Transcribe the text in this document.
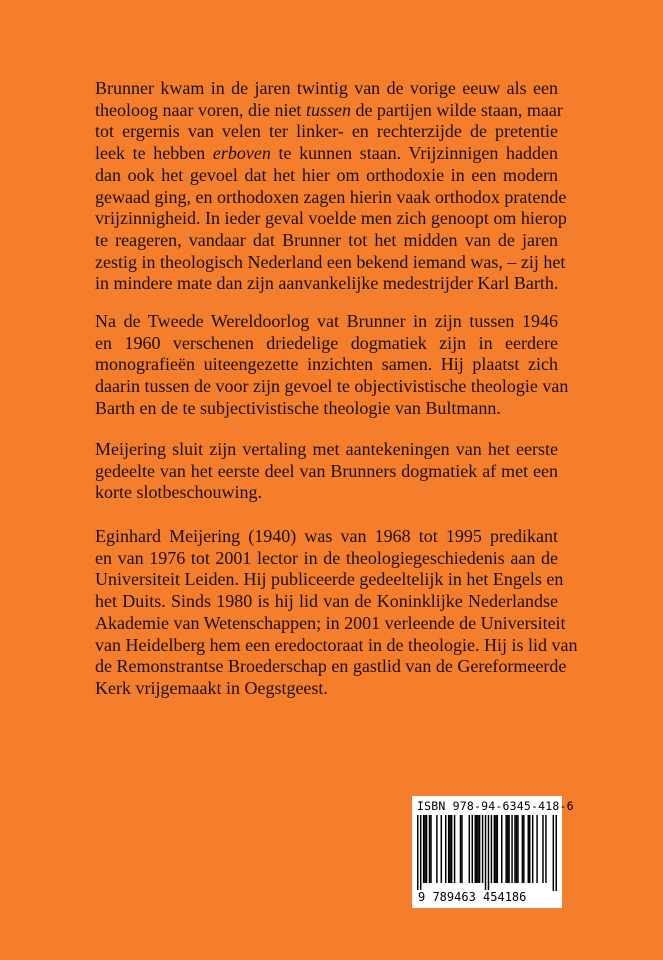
Brunner kwam in de jaren twintig van de vorige eeuw als een
theoloog naar voren, die niet tussen de partijen wilde staan, maar
tot ergernis van velen ter linker- en rechterzijde de pretentie
leek te hebben erboven te kunnen staan. Vrijzinnigen hadden
dan ook het gevoel dat het hier om orthodoxie in een modern
gewaad ging, en orthodoxen zagen hierin vaak orthodox pratende
vrijzinnigheid. In ieder geval voelde men zich genoopt om hierop
te reageren, vandaar dat Brunner tot het midden van de jaren
zestig in theologisch Nederland een bekend iemand was, – zij het
in mindere mate dan zijn aanvankelijke medestrijder Karl Barth.
Na de Tweede Wereldoorlog vat Brunner in zijn tussen 1946
en 1960 verschenen driedelige dogmatiek zijn in eerdere
monografieën uiteengezette inzichten samen. Hij plaatst zich
daarin tussen de voor zijn gevoel te objectivistische theologie van
Barth en de te subjectivistische theologie van Bultmann.
Meijering sluit zijn vertaling met aantekeningen van het eerste
gedeelte van het eerste deel van Brunners dogmatiek af met een
korte slotbeschouwing.
Eginhard Meijering (1940) was van 1968 tot 1995 predikant
en van 1976 tot 2001 lector in de theologiegeschiedenis aan de
Universiteit Leiden. Hij publiceerde gedeeltelijk in het Engels en
het Duits. Sinds 1980 is hij lid van de Koninklijke Nederlandse
Akademie van Wetenschappen; in 2001 verleende de Universiteit
van Heidelberg hem een eredoctoraat in de theologie. Hij is lid van
de Remonstrantse Broederschap en gastlid van de Gereformeerde
Kerk vrijgemaakt in Oegstgeest.
ISBN 978-94-6345-418-6
9 789463 454186
